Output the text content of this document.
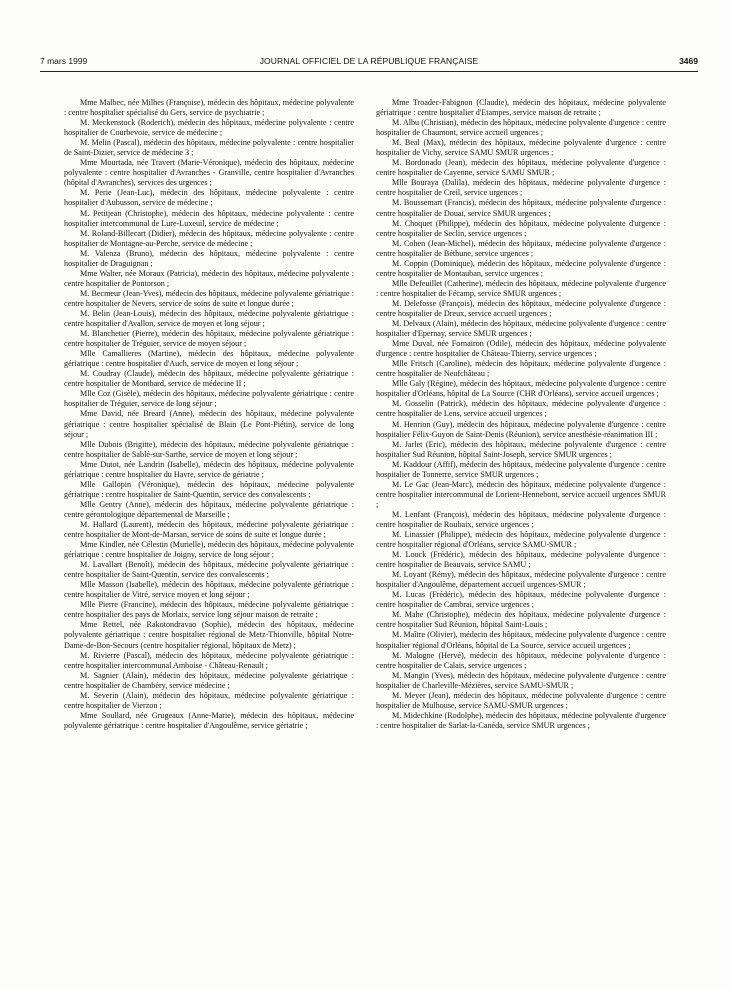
7 mars 1999	JOURNAL OFFICIEL DE LA RÉPUBLIQUE FRANÇAISE	3469

Mme Malbec, née Milhes (Françoise), médecin des hôpitaux, médecine polyvalente : centre hospitalier spécialisé du Gers, service de psychiatrie ;

M. Meckenstock (Roderich), médecin des hôpitaux, médecine polyvalente : centre hospitalier de Courbevoie, service de médecine ;

M. Melin (Pascal), médecin des hôpitaux, médecine polyvalente : centre hospitalier de Saint-Dizier, service de médecine 3 ;

Mme Mourtada, née Travert (Marie-Véronique), médecin des hôpitaux, médecine polyvalente : centre hospitalier d'Avranches - Granville, centre hospitalier d'Avranches (hôpital d'Avranches), services des urgences ;

M. Perie (Jean-Luc), médecin des hôpitaux, médecine polyvalente : centre hospitalier d'Aubusson, service de médecine ;

M. Petitjean (Christophe), médecin des hôpitaux, médecine polyvalente : centre hospitalier intercommunal de Lure-Luxeuil, service de médecine ;

M. Roland-Billecart (Didier), médecin des hôpitaux, médecine polyvalente : centre hospitalier de Montagne-au-Perche, service de médecine ;

M. Valenza (Bruno), médecin des hôpitaux, médecine polyvalente : centre hospitalier de Draguignan ;

Mme Walter, née Moraux (Patricia), médecin des hôpitaux, médecine polyvalente : centre hospitalier de Pontorson ;

M. Becmeur (Jean-Yves), médecin des hôpitaux, médecine polyvalente gériatrique : centre hospitalier de Nevers, service de soins de suite et longue durée ;

M. Belin (Jean-Louis), médecin des hôpitaux, médecine polyvalente gériatrique : centre hospitalier d'Avallon, service de moyen et long séjour ;

M. Blanchetier (Pierre), médecin des hôpitaux, médecine polyvalente gériatrique : centre hospitalier de Tréguier, service de moyen séjour ;

Mlle Camallieres (Martine), médecin des hôpitaux, médecine polyvalente gériatrique : centre hospitalier d'Auch, service de moyen et long séjour ;

M. Coudray (Claude), médecin des hôpitaux, médecine polyvalente gériatrique : centre hospitalier de Montbard, service de médecine II ;

Mlle Coz (Gisèle), médecin des hôpitaux, médecine polyvalente gériatrique : centre hospitalier de Tréguier, service de long séjour ;

Mme David, née Breard (Anne), médecin des hôpitaux, médecine polyvalente gériatrique : centre hospitalier spécialisé de Blain (Le Pont-Piétin), service de long séjour ;

Mlle Dubois (Brigitte), médecin des hôpitaux, médecine polyvalente gériatrique : centre hospitalier de Sablé-sur-Sarthe, service de moyen et long séjour ;

Mme Dutot, née Landrin (Isabelle), médecin des hôpitaux, médecine polyvalente gériatrique : centre hospitalier du Havre, service de gériatrie ;

Mlle Gallopin (Véronique), médecin des hôpitaux, médecine polyvalente gériatrique : centre hospitalier de Saint-Quentin, service des convalescents ;

Mlle Gentry (Anne), médecin des hôpitaux, médecine polyvalente gériatrique : centre gérontologique départemental de Marseille ;

M. Hallard (Laurent), médecin des hôpitaux, médecine polyvalente gériatrique : centre hospitalier de Mont-de-Marsan, service de soins de suite et longue durée ;

Mme Kindler, née Célestin (Murielle), médecin des hôpitaux, médecine polyvalente gériatrique : centre hospitalier de Joigny, service de long séjour ;

M. Lavallart (Benoît), médecin des hôpitaux, médecine polyvalente gériatrique : centre hospitalier de Saint-Quentin, service des convalescents ;

Mlle Masson (Isabelle), médecin des hôpitaux, médecine polyvalente gériatrique : centre hospitalier de Vitré, service moyen et long séjour ;

Mlle Pierre (Francine), médecin des hôpitaux, médecine polyvalente gériatrique : centre hospitalier des pays de Morlaix, service long séjour maison de retraite ;

Mme Rettel, née Rakotondravao (Sophie), médecin des hôpitaux, médecine polyvalente gériatrique : centre hospitalier régional de Metz-Thionville, hôpital Notre-Dame-de-Bon-Secours (centre hospitalier régional, hôpitaux de Metz) ;

M. Rivierre (Pascal), médecin des hôpitaux, médecine polyvalente gériatrique : centre hospitalier intercommunal Amboise - Château-Renault ;

M. Sagnier (Alain), médecin des hôpitaux, médecine polyvalente gériatrique : centre hospitalier de Chambéry, service médecine ;

M. Severin (Alain), médecin des hôpitaux, médecine polyvalente gériatrique : centre hospitalier de Vierzon ;

Mme Soullard, née Grugeaux (Anne-Marie), médecin des hôpitaux, médecine polyvalente gériatrique : centre hospitalier d'Angoulême, service gériatrie ;

Mme Troadec-Fabignon (Claudie), médecin des hôpitaux, médecine polyvalente gériatrique : centre hospitalier d'Etampes, service maison de retraite ;

M. Albu (Christian), médecin des hôpitaux, médecine polyvalente d'urgence : centre hospitalier de Chaumont, service accueil urgences ;

M. Beal (Max), médecin des hôpitaux, médecine polyvalente d'urgence : centre hospitalier de Vichy, service SAMU SMUR urgences ;

M. Bordonado (Jean), médecin des hôpitaux, médecine polyvalente d'urgence : centre hospitalier de Cayenne, service SAMU SMUR ;

Mlle Bouraya (Dalila), médecin des hôpitaux, médecine polyvalente d'urgence : centre hospitalier de Creil, service urgences ;

M. Boussemart (Francis), médecin des hôpitaux, médecine polyvalente d'urgence : centre hospitalier de Douai, service SMUR urgences ;

M. Choquet (Philippe), médecin des hôpitaux, médecine polyvalente d'urgence : centre hospitalier de Seclin, service urgences ;

M. Cohen (Jean-Michel), médecin des hôpitaux, médecine polyvalente d'urgence : centre hospitalier de Béthune, service urgences ;

M. Coppin (Dominique), médecin des hôpitaux, médecine polyvalente d'urgence : centre hospitalier de Montauban, service urgences ;

Mlle Defeuillet (Catherine), médecin des hôpitaux, médecine polyvalente d'urgence : centre hospitalier de Fécamp, service SMUR urgences ;

M. Delefosse (François), médecin des hôpitaux, médecine polyvalente d'urgence : centre hospitalier de Dreux, service accueil urgences ;

M. Delvaux (Alain), médecin des hôpitaux, médecine polyvalente d'urgence : centre hospitalier d'Epernay, service SMUR urgences ;

Mme Duval, née Fornairon (Odile), médecin des hôpitaux, médecine polyvalente d'urgence : centre hospitalier de Château-Thierry, service urgences ;

Mlle Fritsch (Caroline), médecin des hôpitaux, médecine polyvalente d'urgence : centre hospitalier de Neufchâteau ;

Mlle Galy (Régine), médecin des hôpitaux, médecine polyvalente d'urgence : centre hospitalier d'Orléans, hôpital de La Source (CHR d'Orléans), service accueil urgences ;

M. Gosselin (Patrick), médecin des hôpitaux, médecine polyvalente d'urgence : centre hospitalier de Lens, service accueil urgences ;

M. Henrion (Guy), médecin des hôpitaux, médecine polyvalente d'urgence : centre hospitalier Félix-Guyon de Saint-Denis (Réunion), service anesthésie-réanimation III ;

M. Jarlet (Eric), médecin des hôpitaux, médecine polyvalente d'urgence : centre hospitalier Sud Réunion, hôpital Saint-Joseph, service SMUR urgences ;

M. Kaddour (Affif), médecin des hôpitaux, médecine polyvalente d'urgence : centre hospitalier de Tonnerre, service SMUR urgences ;

M. Le Gac (Jean-Marc), médecin des hôpitaux, médecine polyvalente d'urgence : centre hospitalier intercommunal de Lorient-Hennebont, service accueil urgences SMUR ;

M. Lenfant (François), médecin des hôpitaux, médecine polyvalente d'urgence : centre hospitalier de Roubaix, service urgences ;

M. Linassier (Philippe), médecin des hôpitaux, médecine polyvalente d'urgence : centre hospitalier régional d'Orléans, service SAMU-SMUR ;

M. Loock (Frédéric), médecin des hôpitaux, médecine polyvalente d'urgence : centre hospitalier de Beauvais, service SAMU ;

M. Loyant (Rémy), médecin des hôpitaux, médecine polyvalente d'urgence : centre hospitalier d'Angoulême, département accueil urgences-SMUR ;

M. Lucas (Frédéric), médecin des hôpitaux, médecine polyvalente d'urgence : centre hospitalier de Cambrai, service urgences ;

M. Mahe (Christophe), médecin des hôpitaux, médecine polyvalente d'urgence : centre hospitalier Sud Réunion, hôpital Saint-Louis ;

M. Maître (Olivier), médecin des hôpitaux, médecine polyvalente d'urgence : centre hospitalier régional d'Orléans, hôpital de La Source, service accueil urgences ;

M. Malogne (Hervé), médecin des hôpitaux, médecine polyvalente d'urgence : centre hospitalier de Calais, service urgences ;

M. Mangin (Yves), médecin des hôpitaux, médecine polyvalente d'urgence : centre hospitalier de Charleville-Mézières, service SAMU-SMUR ;

M. Meyer (Jean), médecin des hôpitaux, médecine polyvalente d'urgence : centre hospitalier de Mulhouse, service SAMU-SMUR urgences ;

M. Midechkine (Rodolphe), médecin des hôpitaux, médecine polyvalente d'urgence : centre hospitalier de Sarlat-la-Canéda, service SMUR urgences ;
